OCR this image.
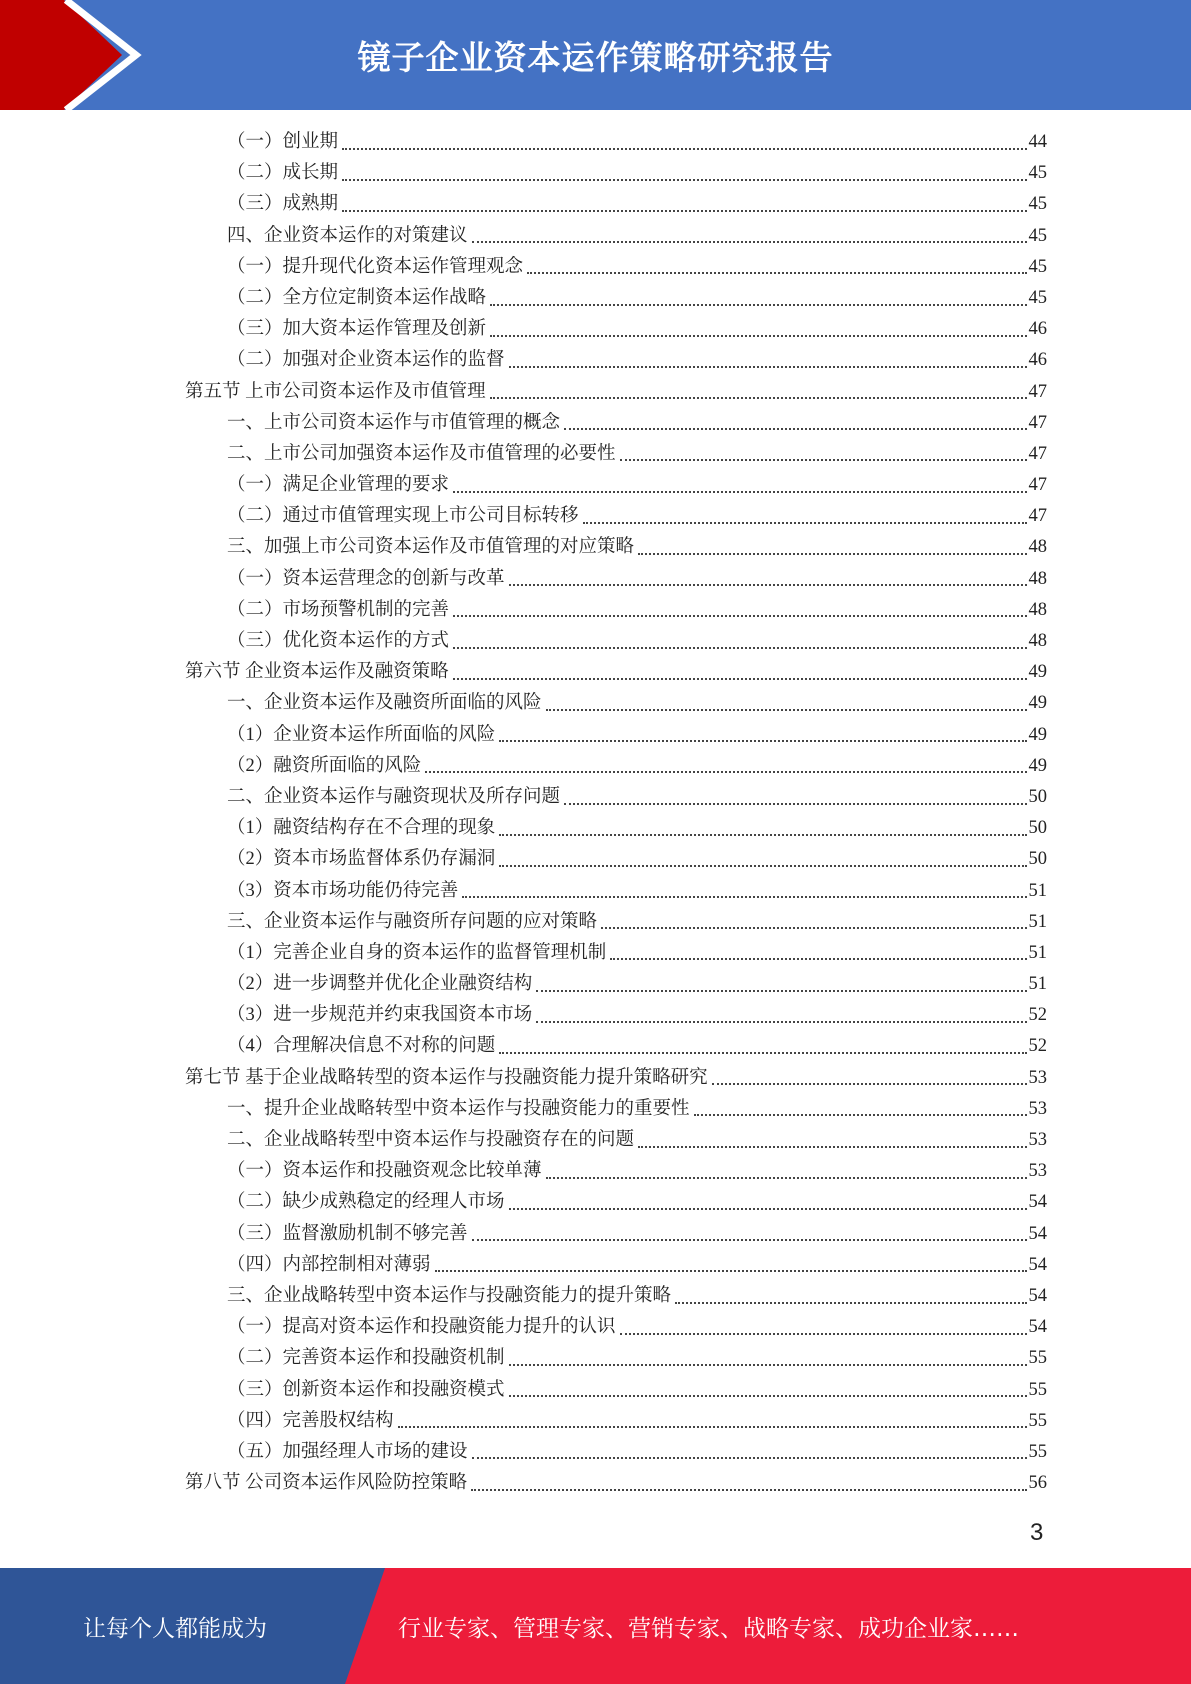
镜子企业资本运作策略研究报告
（一）创业期	44
（二）成长期	45
（三）成熟期	45
四、企业资本运作的对策建议	45
（一）提升现代化资本运作管理观念	45
（二）全方位定制资本运作战略	45
（三）加大资本运作管理及创新	46
（二）加强对企业资本运作的监督	46
第五节 上市公司资本运作及市值管理	47
一、上市公司资本运作与市值管理的概念	47
二、上市公司加强资本运作及市值管理的必要性	47
（一）满足企业管理的要求	47
（二）通过市值管理实现上市公司目标转移	47
三、加强上市公司资本运作及市值管理的对应策略	48
（一）资本运营理念的创新与改革	48
（二）市场预警机制的完善	48
（三）优化资本运作的方式	48
第六节 企业资本运作及融资策略	49
一、企业资本运作及融资所面临的风险	49
（1）企业资本运作所面临的风险	49
（2）融资所面临的风险	49
二、企业资本运作与融资现状及所存问题	50
（1）融资结构存在不合理的现象	50
（2）资本市场监督体系仍存漏洞	50
（3）资本市场功能仍待完善	51
三、企业资本运作与融资所存问题的应对策略	51
（1）完善企业自身的资本运作的监督管理机制	51
（2）进一步调整并优化企业融资结构	51
（3）进一步规范并约束我国资本市场	52
（4）合理解决信息不对称的问题	52
第七节 基于企业战略转型的资本运作与投融资能力提升策略研究	53
一、提升企业战略转型中资本运作与投融资能力的重要性	53
二、企业战略转型中资本运作与投融资存在的问题	53
（一）资本运作和投融资观念比较单薄	53
（二）缺少成熟稳定的经理人市场	54
（三）监督激励机制不够完善	54
（四）内部控制相对薄弱	54
三、企业战略转型中资本运作与投融资能力的提升策略	54
（一）提高对资本运作和投融资能力提升的认识	54
（二）完善资本运作和投融资机制	55
（三）创新资本运作和投融资模式	55
（四）完善股权结构	55
（五）加强经理人市场的建设	55
第八节 公司资本运作风险防控策略	56
3
让每个人都能成为	行业专家、管理专家、营销专家、战略专家、成功企业家……
